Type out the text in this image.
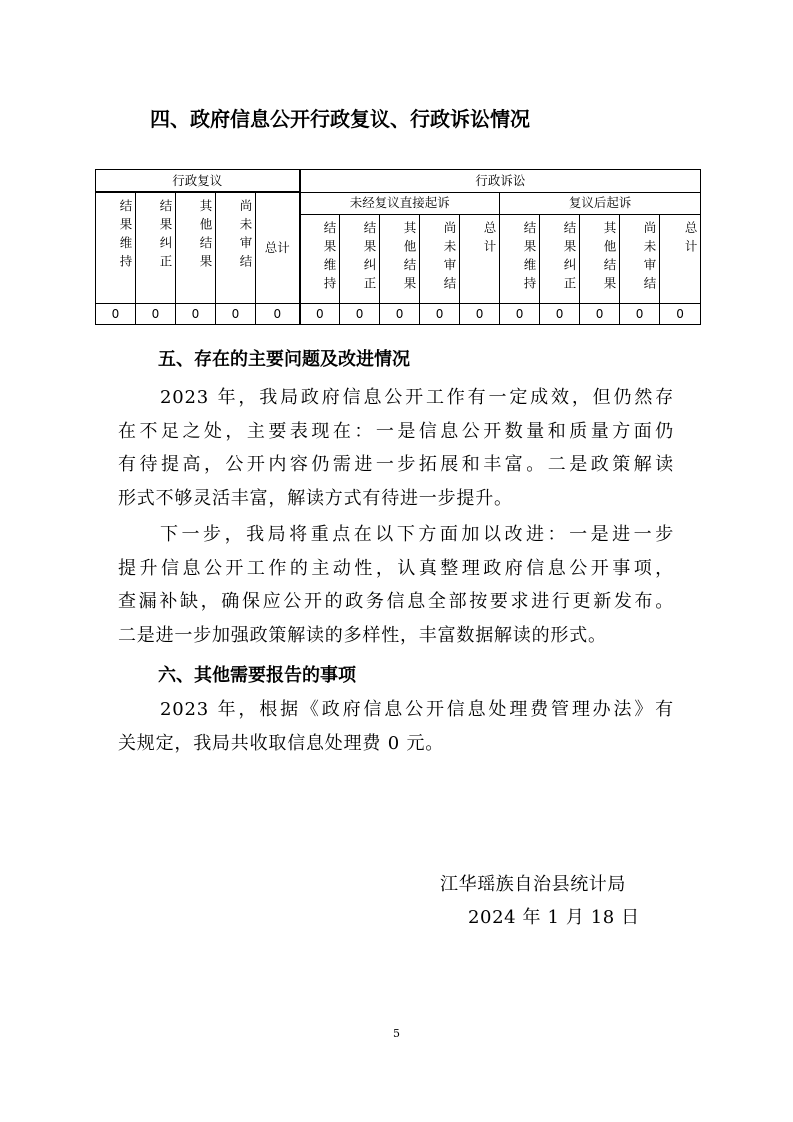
四、政府信息公开行政复议、行政诉讼情况
行政复议					行政诉讼									
结果维持	结果纠正	其他结果	尚未审结	总计	未经复议直接起诉					复议后起诉				
					结果维持	结果纠正	其他结果	尚未审结	总计	结果维持	结果纠正	其他结果	尚未审结	总计
0	0	0	0	0	0	0	0	0	0	0	0	0	0	0
五、存在的主要问题及改进情况
2023 年，我局政府信息公开工作有一定成效，但仍然存
在不足之处，主要表现在：一是信息公开数量和质量方面仍
有待提高，公开内容仍需进一步拓展和丰富。二是政策解读
形式不够灵活丰富，解读方式有待进一步提升。
下一步，我局将重点在以下方面加以改进：一是进一步
提升信息公开工作的主动性，认真整理政府信息公开事项，
查漏补缺，确保应公开的政务信息全部按要求进行更新发布。
二是进一步加强政策解读的多样性，丰富数据解读的形式。
六、其他需要报告的事项
2023 年，根据《政府信息公开信息处理费管理办法》有
关规定，我局共收取信息处理费 0 元。
江华瑶族自治县统计局
2024 年 1 月 18 日
5
